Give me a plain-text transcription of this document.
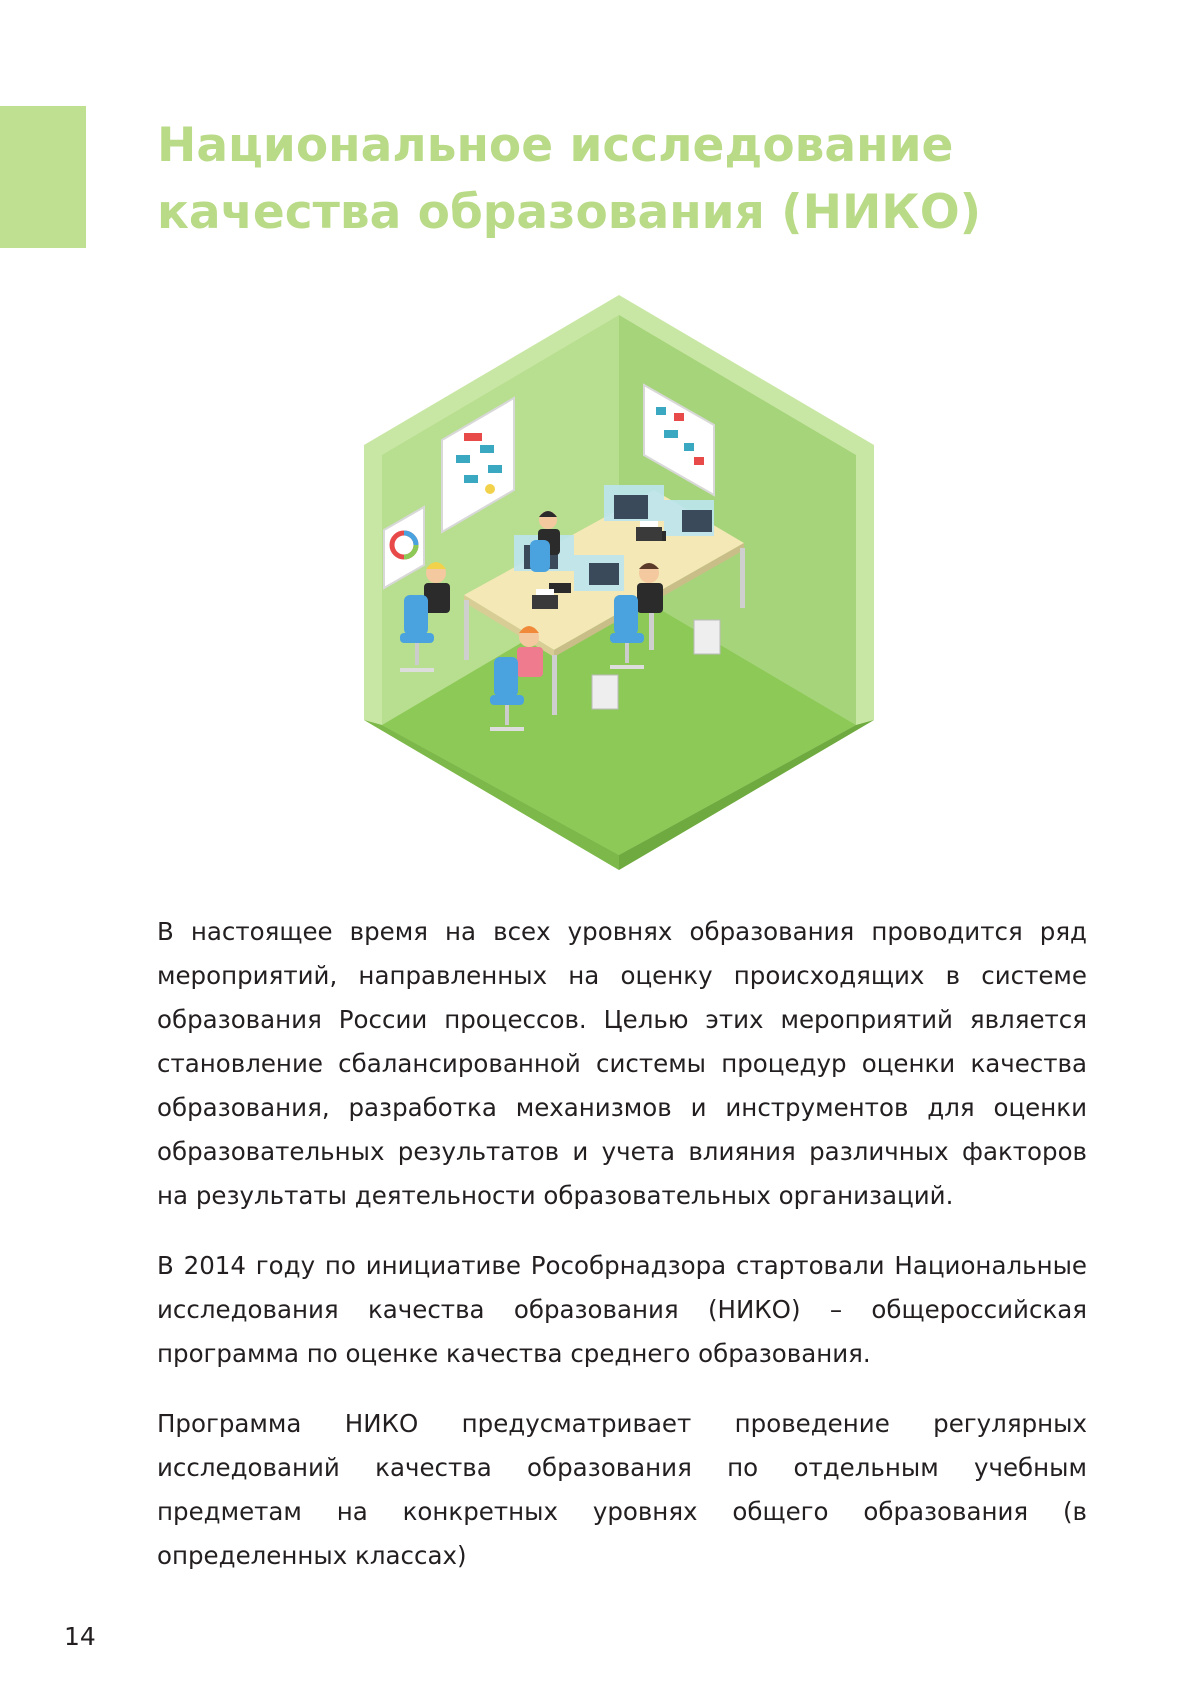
Национальное исследование качества образования (НИКО)

В настоящее время на всех уровнях образования проводится ряд мероприятий, направленных на оценку происходящих в системе образования России процессов. Целью этих мероприятий является становление сбалансированной системы процедур оценки качества образования, разработка механизмов и инструментов для оценки образовательных результатов и учета влияния различных факторов на результаты деятельности образовательных организаций.

В 2014 году по инициативе Рособрнадзора стартовали Национальные исследования качества образования (НИКО) – общероссийская программа по оценке качества среднего образования.

Программа НИКО предусматривает проведение регулярных исследований качества образования по отдельным учебным предметам на конкретных уровнях общего образования (в определенных классах)

14
